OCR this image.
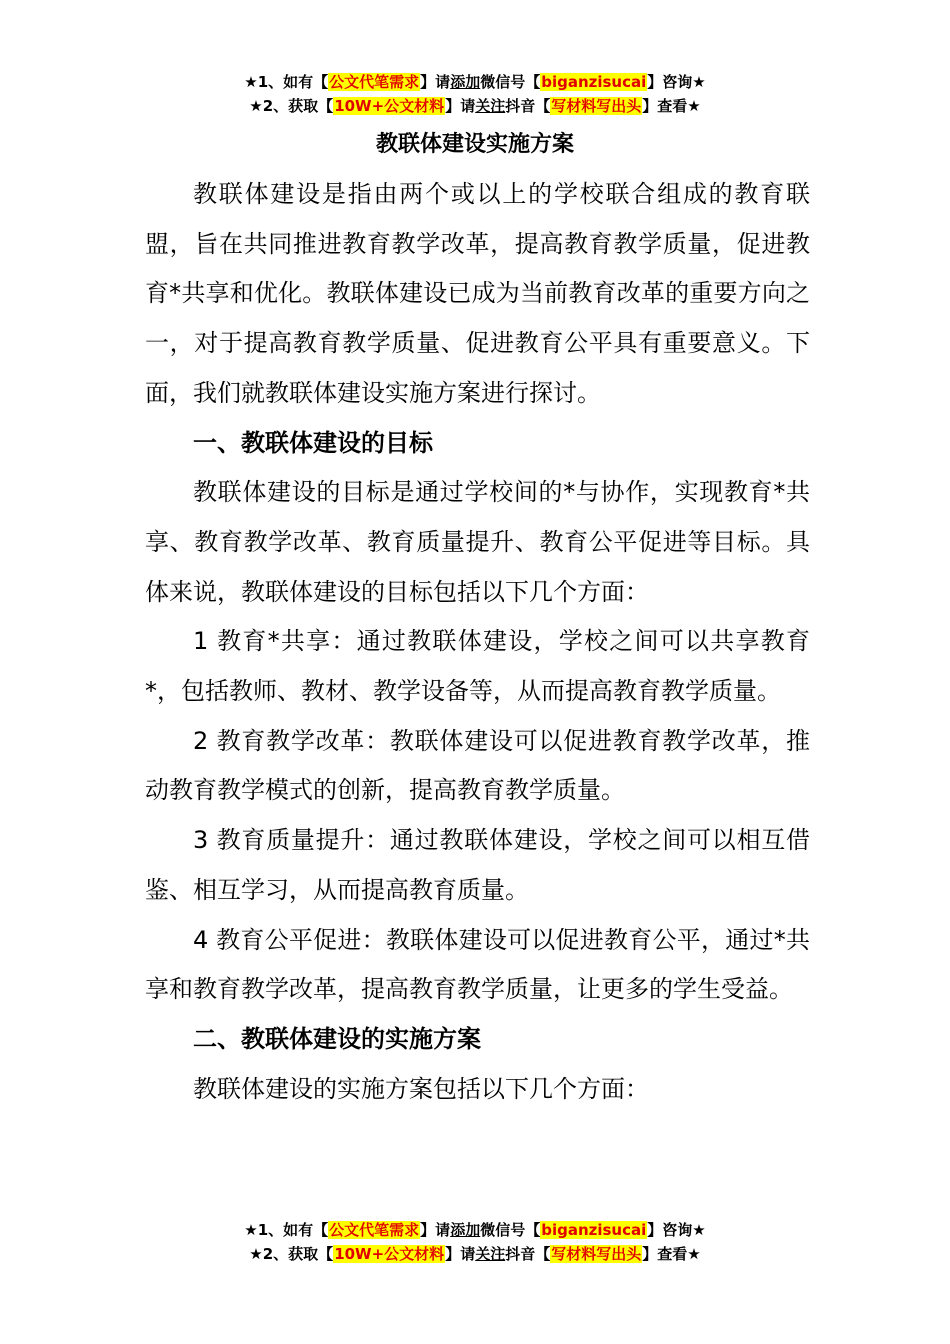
★1、如有【公文代笔需求】请添加微信号【biganzisucai】咨询★
★2、获取【10W+公文材料】请关注抖音【写材料写出头】查看★
教联体建设实施方案

教联体建设是指由两个或以上的学校联合组成的教育联盟，旨在共同推进教育教学改革，提高教育教学质量，促进教育*共享和优化。教联体建设已成为当前教育改革的重要方向之一，对于提高教育教学质量、促进教育公平具有重要意义。下面，我们就教联体建设实施方案进行探讨。

一、教联体建设的目标

教联体建设的目标是通过学校间的*与协作，实现教育*共享、教育教学改革、教育质量提升、教育公平促进等目标。具体来说，教联体建设的目标包括以下几个方面：

1 教育*共享：通过教联体建设，学校之间可以共享教育*，包括教师、教材、教学设备等，从而提高教育教学质量。

2 教育教学改革：教联体建设可以促进教育教学改革，推动教育教学模式的创新，提高教育教学质量。

3 教育质量提升：通过教联体建设，学校之间可以相互借鉴、相互学习，从而提高教育质量。

4 教育公平促进：教联体建设可以促进教育公平，通过*共享和教育教学改革，提高教育教学质量，让更多的学生受益。

二、教联体建设的实施方案

教联体建设的实施方案包括以下几个方面：

★1、如有【公文代笔需求】请添加微信号【biganzisucai】咨询★
★2、获取【10W+公文材料】请关注抖音【写材料写出头】查看★
